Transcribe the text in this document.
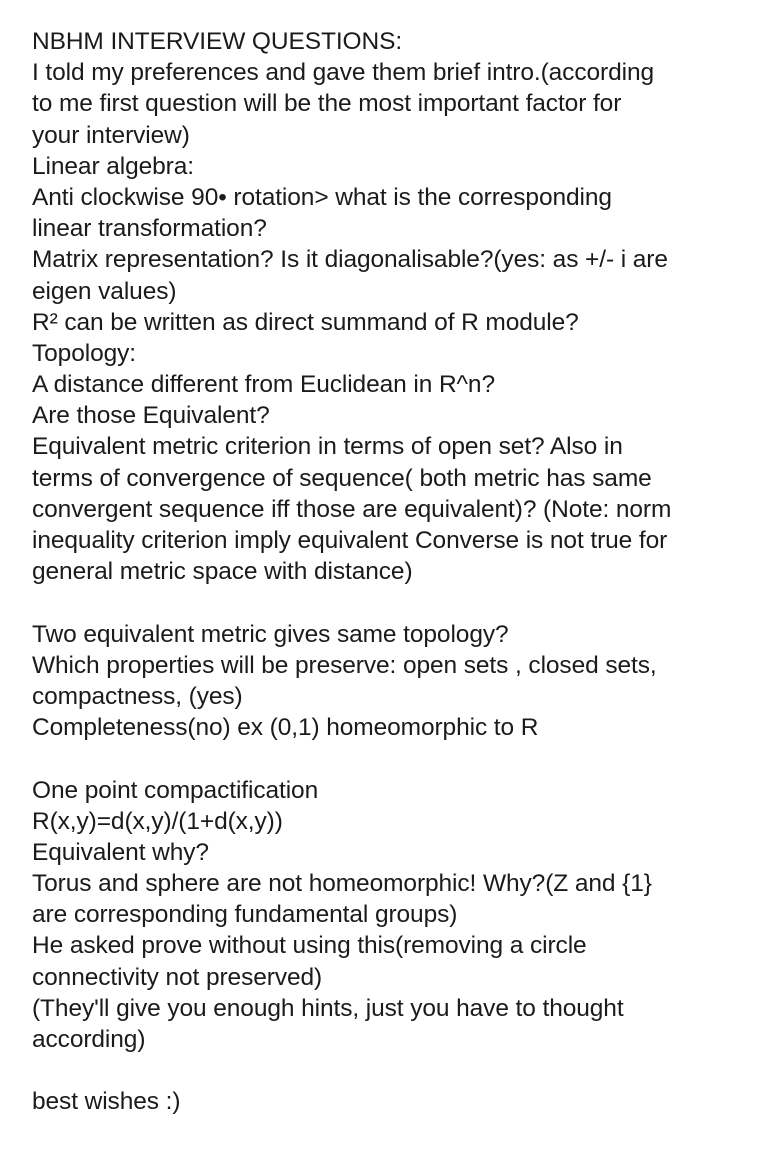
NBHM INTERVIEW QUESTIONS:
I told my preferences and gave them brief intro.(according
to me first question will be the most important factor for
your interview)
Linear algebra:
Anti clockwise 90• rotation> what is the corresponding
linear transformation?
Matrix representation? Is it diagonalisable?(yes: as +/- i are
eigen values)
R² can be written as direct summand of R module?
Topology:
A distance different from Euclidean in R^n?
Are those Equivalent?
Equivalent metric criterion in terms of open set? Also in
terms of convergence of sequence( both metric has same
convergent sequence iff those are equivalent)? (Note: norm
inequality criterion imply equivalent Converse is not true for
general metric space with distance)
Two equivalent metric gives same topology?
Which properties will be preserve: open sets , closed sets,
compactness, (yes)
Completeness(no) ex (0,1) homeomorphic to R
One point compactification
R(x,y)=d(x,y)/(1+d(x,y))
Equivalent why?
Torus and sphere are not homeomorphic! Why?(Z and {1}
are corresponding fundamental groups)
He asked prove without using this(removing a circle
connectivity not preserved)
(They'll give you enough hints, just you have to thought
according)
best wishes :)
